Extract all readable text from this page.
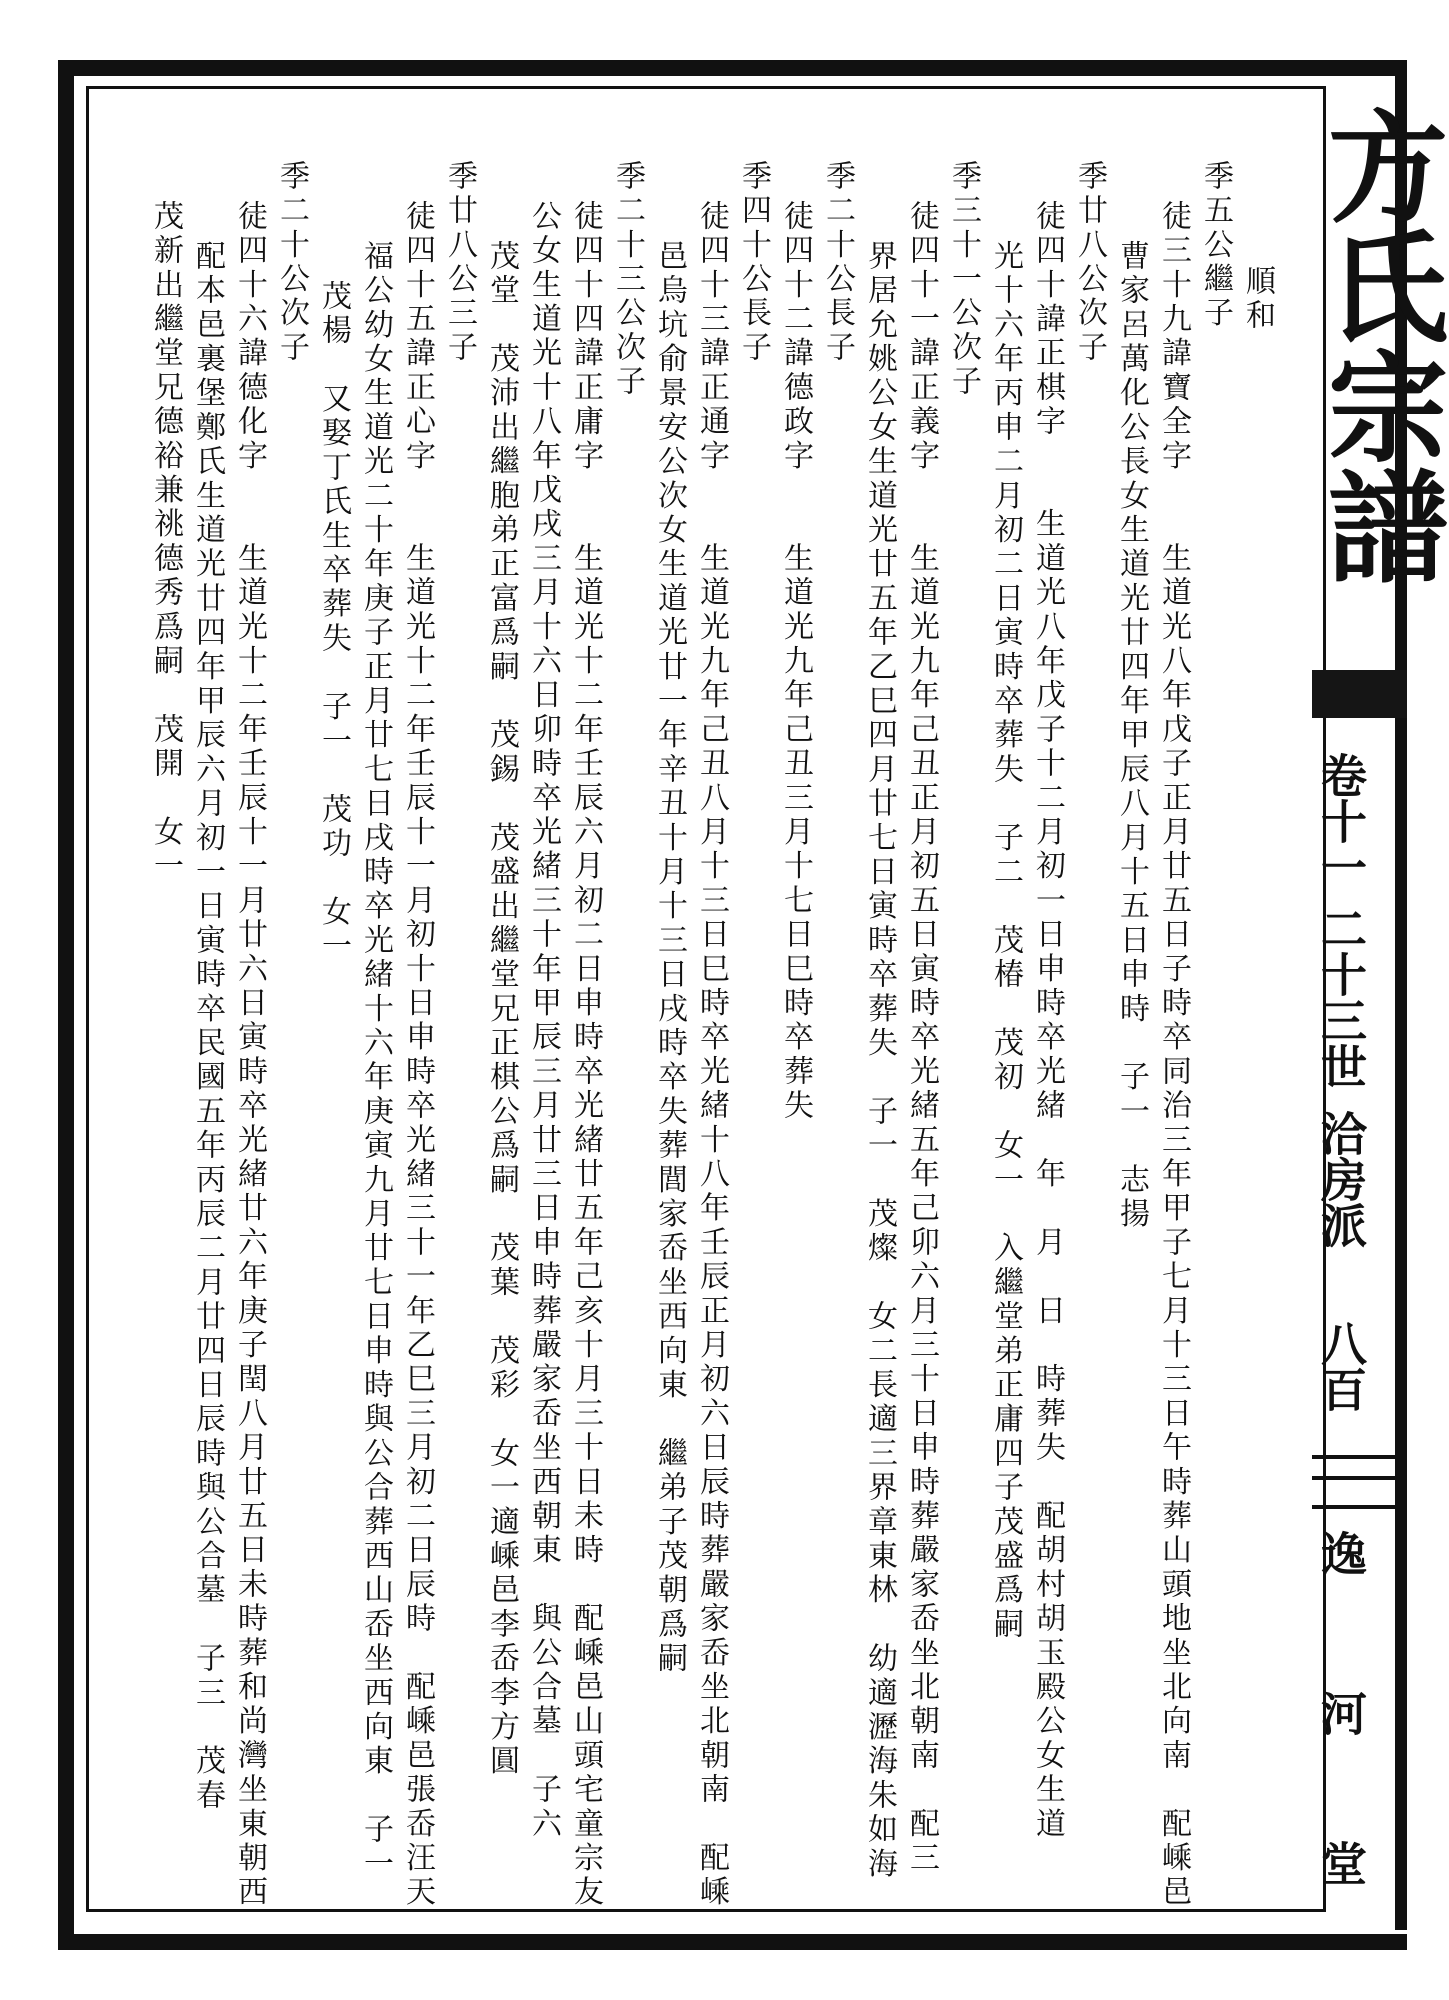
方氏宗譜
卷十一
二十三世
洽房派
八百
逸
河
堂
順和
季五公繼子
徒三十九諱寶全字　　生道光八年戊子正月廿五日子時卒同治三年甲子七月十三日午時葬山頭地坐北向南　配嵊邑
曹家呂萬化公長女生道光廿四年甲辰八月十五日申時　子一　志揚
季廿八公次子
徒四十諱正棋字　　生道光八年戊子十二月初一日申時卒光緒　年　月　日　時葬失　配胡村胡玉殿公女生道
光十六年丙申二月初二日寅時卒葬失　子二　茂椿　茂初　女一　入繼堂弟正庸四子茂盛爲嗣
季三十一公次子
徒四十一諱正義字　　生道光九年己丑正月初五日寅時卒光緒五年己卯六月三十日申時葬嚴家岙坐北朝南　配三
界居允姚公女生道光廿五年乙巳四月廿七日寅時卒葬失　子一　茂燦　女二長適三界章東林　幼適瀝海朱如海
季二十公長子
徒四十二諱德政字　　生道光九年己丑三月十七日巳時卒葬失
季四十公長子
徒四十三諱正通字　　生道光九年己丑八月十三日巳時卒光緒十八年壬辰正月初六日辰時葬嚴家岙坐北朝南　配嵊
邑烏坑俞景安公次女生道光廿一年辛丑十月十三日戌時卒失葬閭家岙坐西向東　繼弟子茂朝爲嗣
季二十三公次子
徒四十四諱正庸字　　生道光十二年壬辰六月初二日申時卒光緒廿五年己亥十月三十日未時　配嵊邑山頭宅童宗友
公女生道光十八年戊戌三月十六日卯時卒光緒三十年甲辰三月廿三日申時葬嚴家岙坐西朝東　與公合墓　子六
茂堂　茂沛出繼胞弟正富爲嗣　茂錫　茂盛出繼堂兄正棋公爲嗣　茂葉　茂彩　女一適嵊邑李岙李方圓
季廿八公三子
徒四十五諱正心字　　生道光十二年壬辰十一月初十日申時卒光緒三十一年乙巳三月初二日辰時　配嵊邑張岙汪天
福公幼女生道光二十年庚子正月廿七日戌時卒光緒十六年庚寅九月廿七日申時與公合葬西山岙坐西向東　子一
茂楊　又娶丁氏生卒葬失　子一　茂功　女一
季二十公次子
徒四十六諱德化字　　生道光十二年壬辰十一月廿六日寅時卒光緒廿六年庚子閏八月廿五日未時葬和尚灣坐東朝西
配本邑裏堡鄭氏生道光廿四年甲辰六月初一日寅時卒民國五年丙辰二月廿四日辰時與公合墓　子三　茂春
茂新出繼堂兄德裕兼祧德秀爲嗣　茂開　女一
